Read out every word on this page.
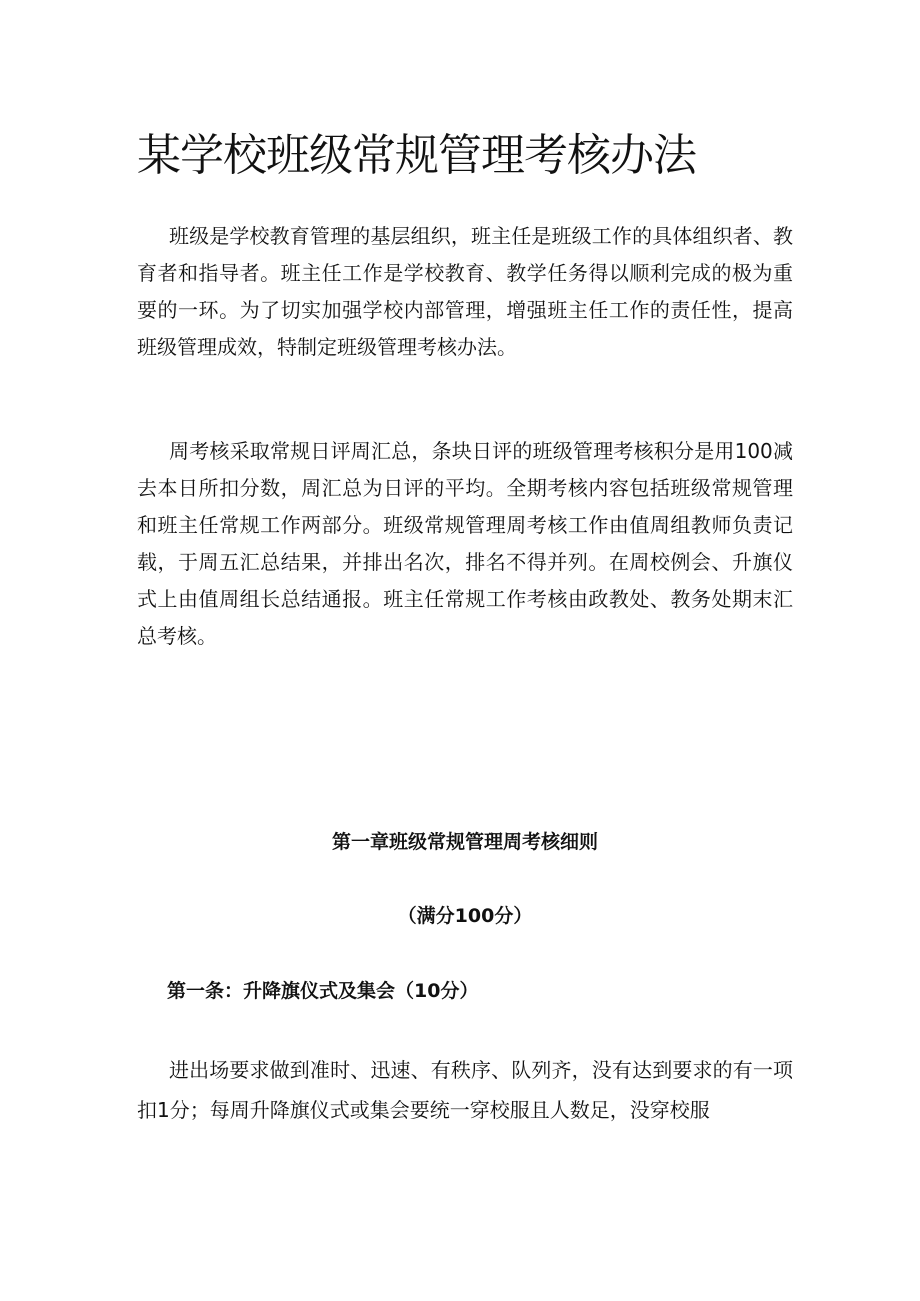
某学校班级常规管理考核办法

班级是学校教育管理的基层组织，班主任是班级工作的具体组织者、教育者和指导者。班主任工作是学校教育、教学任务得以顺利完成的极为重要的一环。为了切实加强学校内部管理，增强班主任工作的责任性，提高班级管理成效，特制定班级管理考核办法。

周考核采取常规日评周汇总，条块日评的班级管理考核积分是用100减去本日所扣分数，周汇总为日评的平均。全期考核内容包括班级常规管理和班主任常规工作两部分。班级常规管理周考核工作由值周组教师负责记载，于周五汇总结果，并排出名次，排名不得并列。在周校例会、升旗仪式上由值周组长总结通报。班主任常规工作考核由政教处、教务处期末汇总考核。

第一章班级常规管理周考核细则

（满分100分）

第一条：升降旗仪式及集会（10分）

进出场要求做到准时、迅速、有秩序、队列齐，没有达到要求的有一项扣1分；每周升降旗仪式或集会要统一穿校服且人数足，没穿校服
